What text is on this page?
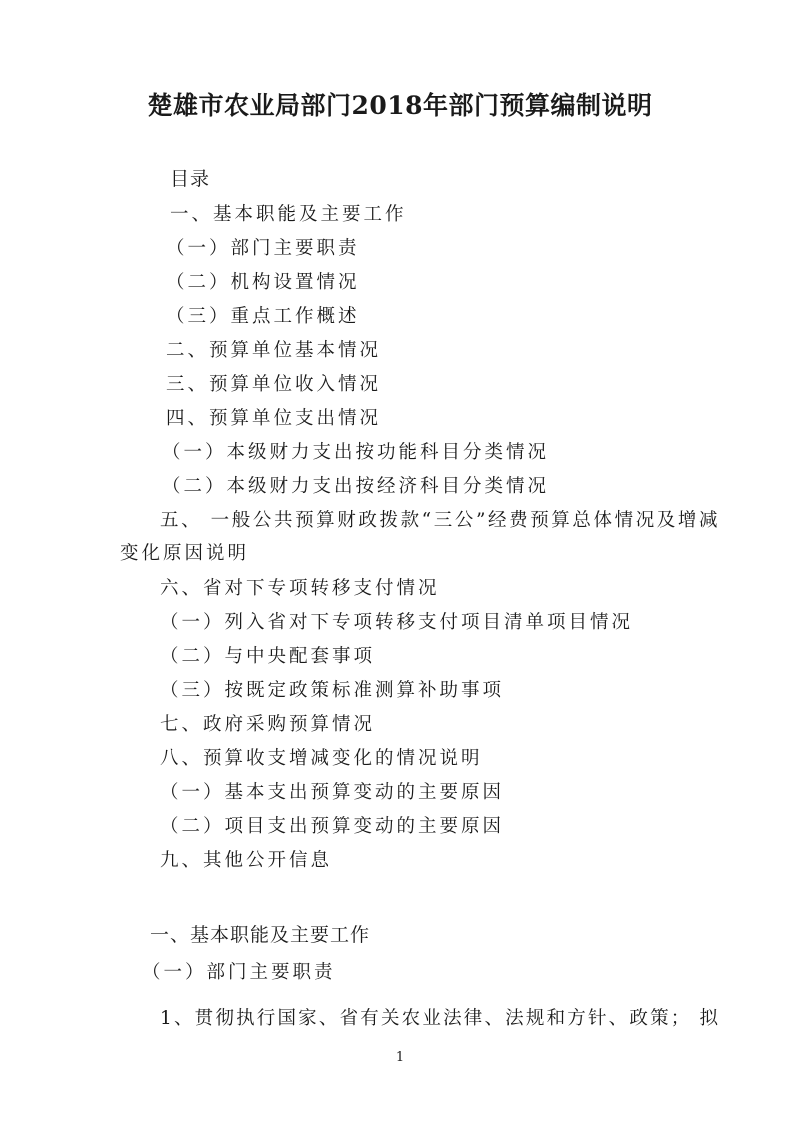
楚雄市农业局部门2018年部门预算编制说明
目录
一、基本职能及主要工作
（一）部门主要职责
（二）机构设置情况
（三）重点工作概述
二、预算单位基本情况
三、预算单位收入情况
四、预算单位支出情况
（一）本级财力支出按功能科目分类情况
（二）本级财力支出按经济科目分类情况
五、 一般公共预算财政拨款“三公”经费预算总体情况及增减
变化原因说明
六、省对下专项转移支付情况
（一）列入省对下专项转移支付项目清单项目情况
（二）与中央配套事项
（三）按既定政策标准测算补助事项
七、政府采购预算情况
八、预算收支增减变化的情况说明
（一）基本支出预算变动的主要原因
（二）项目支出预算变动的主要原因
九、其他公开信息
一、基本职能及主要工作
（一）部门主要职责
1、贯彻执行国家、省有关农业法律、法规和方针、政策； 拟
1
